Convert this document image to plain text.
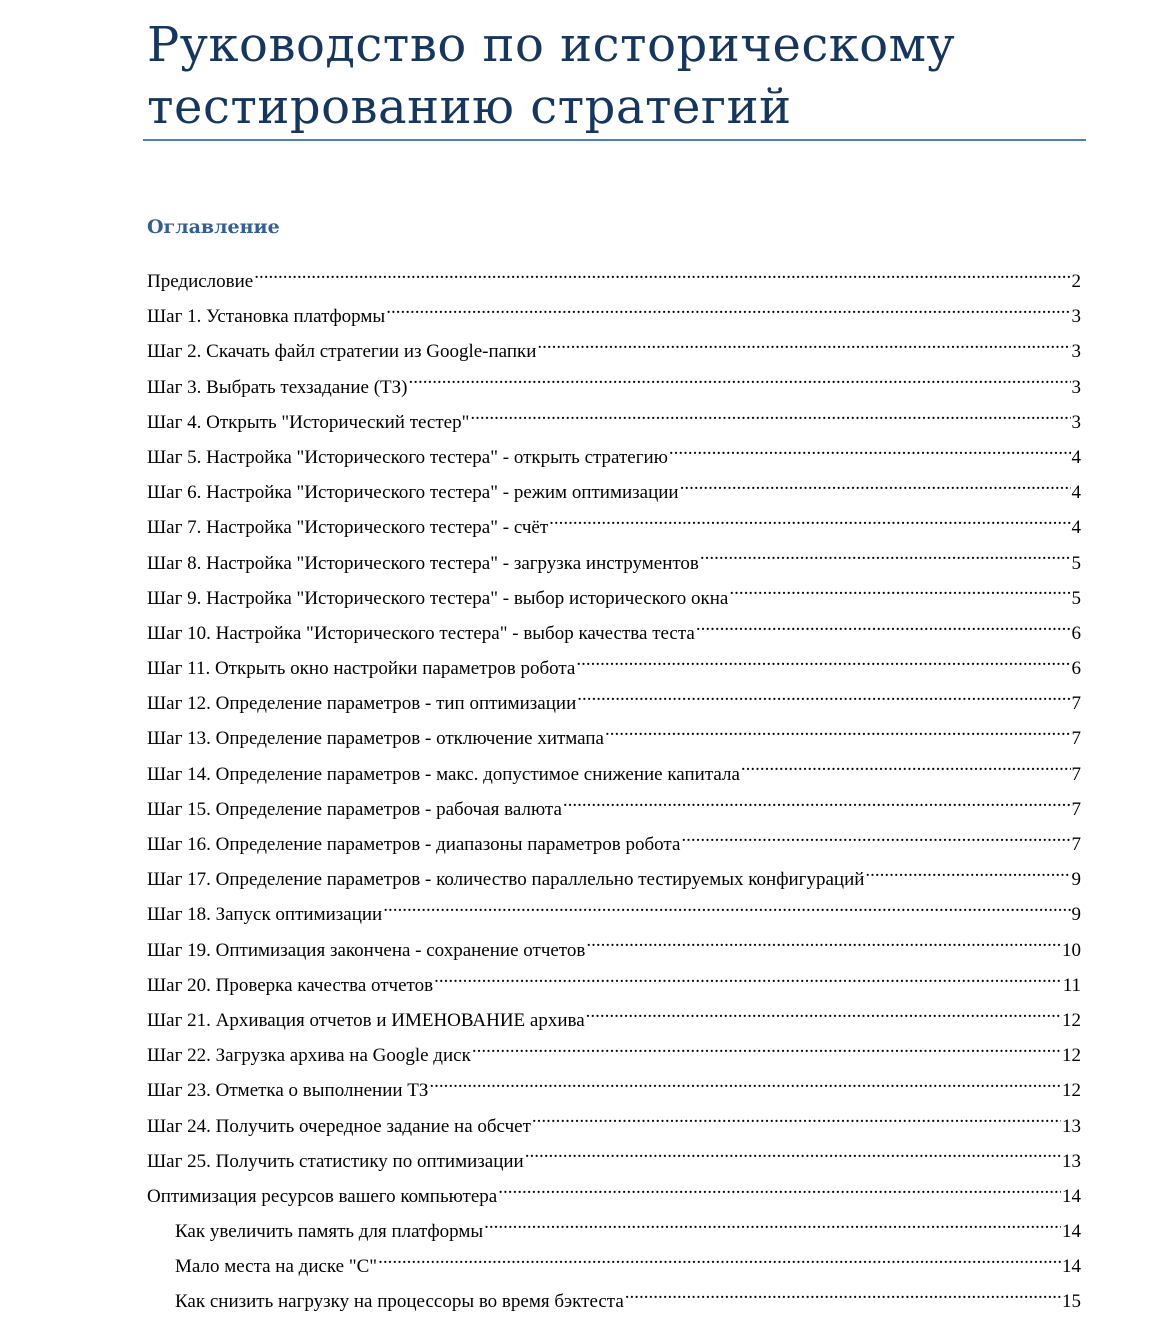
Руководство по историческому тестированию стратегий
Оглавление
Предисловие .....	2
Шаг 1. Установка платформы .....	3
Шаг 2. Скачать файл стратегии из Google-папки .....	3
Шаг 3. Выбрать техзадание (ТЗ) .....	3
Шаг 4. Открыть "Исторический тестер" .....	3
Шаг 5. Настройка "Исторического тестера" - открыть стратегию .....	4
Шаг 6. Настройка "Исторического тестера" - режим оптимизации .....	4
Шаг 7. Настройка "Исторического тестера" - счёт .....	4
Шаг 8. Настройка "Исторического тестера" - загрузка инструментов .....	5
Шаг 9. Настройка "Исторического тестера" - выбор исторического окна .....	5
Шаг 10. Настройка "Исторического тестера" - выбор качества теста .....	6
Шаг 11. Открыть окно настройки параметров робота .....	6
Шаг 12. Определение параметров - тип оптимизации .....	7
Шаг 13. Определение параметров - отключение хитмапа .....	7
Шаг 14. Определение параметров - макс. допустимое снижение капитала .....	7
Шаг 15. Определение параметров - рабочая валюта .....	7
Шаг 16. Определение параметров - диапазоны параметров робота .....	7
Шаг 17. Определение параметров - количество параллельно тестируемых конфигураций .....	9
Шаг 18. Запуск оптимизации .....	9
Шаг 19. Оптимизация закончена - сохранение отчетов .....	10
Шаг 20. Проверка качества отчетов .....	11
Шаг 21. Архивация отчетов и ИМЕНОВАНИЕ архива .....	12
Шаг 22. Загрузка архива на Google диск .....	12
Шаг 23. Отметка о выполнении ТЗ .....	12
Шаг 24. Получить очередное задание на обсчет .....	13
Шаг 25. Получить статистику по оптимизации .....	13
Оптимизация ресурсов вашего компьютера .....	14
Как увеличить память для платформы .....	14
Мало места на диске "С" .....	14
Как снизить нагрузку на процессоры во время бэктеста .....	15
